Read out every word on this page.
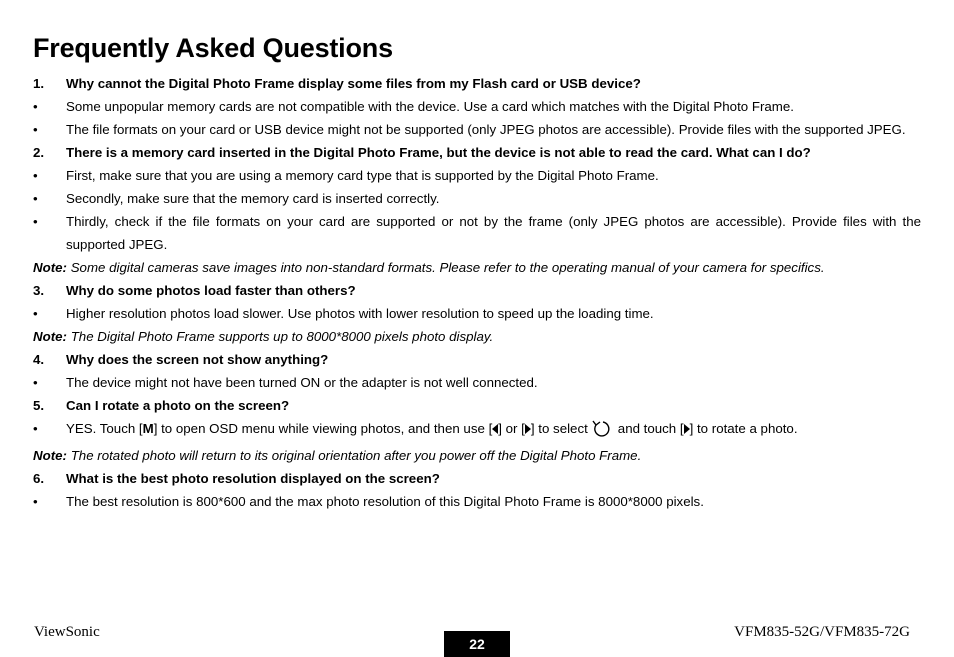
Frequently Asked Questions
1. Why cannot the Digital Photo Frame display some files from my Flash card or USB device?
• Some unpopular memory cards are not compatible with the device. Use a card which matches with the Digital Photo Frame.
• The file formats on your card or USB device might not be supported (only JPEG photos are accessible). Provide files with the supported JPEG.
2. There is a memory card inserted in the Digital Photo Frame, but the device is not able to read the card. What can I do?
• First, make sure that you are using a memory card type that is supported by the Digital Photo Frame.
• Secondly, make sure that the memory card is inserted correctly.
• Thirdly, check if the file formats on your card are supported or not by the frame (only JPEG photos are accessible). Provide files with the supported JPEG.
Note: Some digital cameras save images into non-standard formats. Please refer to the operating manual of your camera for specifics.
3. Why do some photos load faster than others?
• Higher resolution photos load slower. Use photos with lower resolution to speed up the loading time.
Note: The Digital Photo Frame supports up to 8000*8000 pixels photo display.
4. Why does the screen not show anything?
• The device might not have been turned ON or the adapter is not well connected.
5. Can I rotate a photo on the screen?
• YES. Touch [M] to open OSD menu while viewing photos, and then use [ ] or [ ] to select and touch [ ] to rotate a photo.
Note: The rotated photo will return to its original orientation after you power off the Digital Photo Frame.
6. What is the best photo resolution displayed on the screen?
• The best resolution is 800*600 and the max photo resolution of this Digital Photo Frame is 8000*8000 pixels.
ViewSonic
22
VFM835-52G/VFM835-72G
